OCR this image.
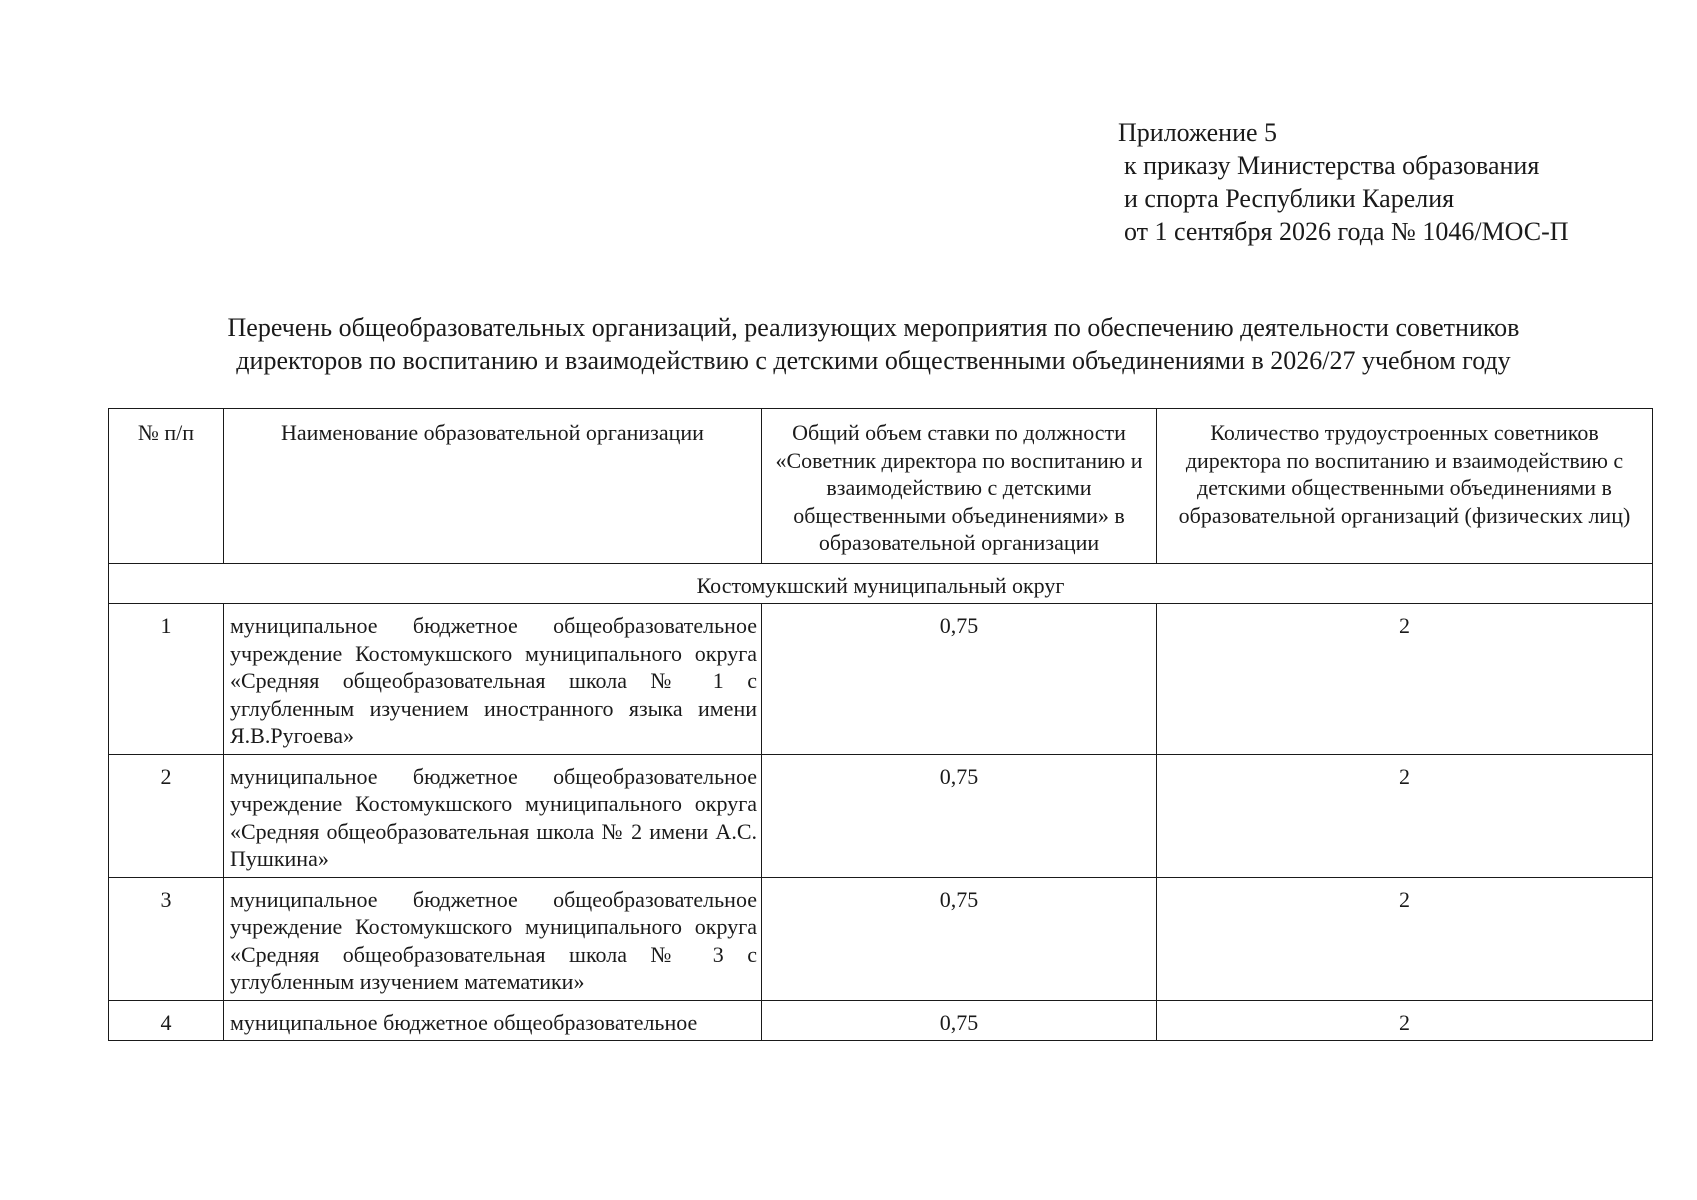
Приложение 5
к приказу Министерства образования
и спорта Республики Карелия
от 1 сентября 2026 года № 1046/МОС-П
Перечень общеобразовательных организаций, реализующих мероприятия по обеспечению деятельности советников
директоров по воспитанию и взаимодействию с детскими общественными объединениями в 2026/27 учебном году
№ п/п	Наименование образовательной организации	Общий объем ставки по должности «Советник директора по воспитанию и взаимодействию с детскими общественными объединениями» в образовательной организации	Количество трудоустроенных советников директора по воспитанию и взаимодействию с детскими общественными объединениями в образовательной организаций (физических лиц)
Костомукшский муниципальный округ			
1	муниципальное бюджетное общеобразовательное учреждение Костомукшского муниципального округа «Средняя общеобразовательная школа № 1 с углубленным изучением иностранного языка имени Я.В.Ругоева»	0,75	2
2	муниципальное бюджетное общеобразовательное учреждение Костомукшского муниципального округа «Средняя общеобразовательная школа № 2 имени А.С. Пушкина»	0,75	2
3	муниципальное бюджетное общеобразовательное учреждение Костомукшского муниципального округа «Средняя общеобразовательная школа № 3 с углубленным изучением математики»	0,75	2
4	муниципальное бюджетное общеобразовательное	0,75	2
